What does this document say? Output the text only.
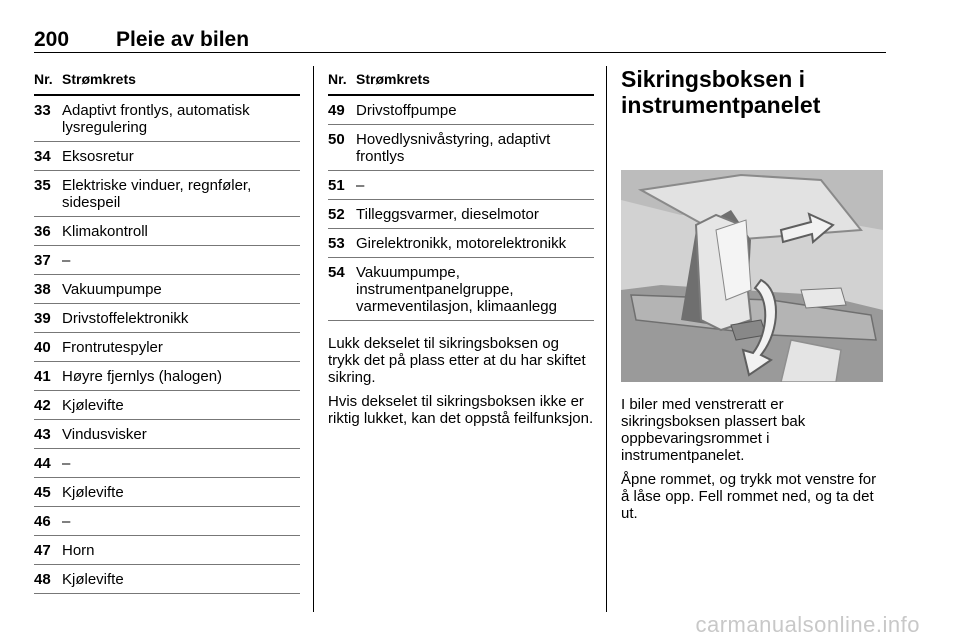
200 Pleie av bilen
Nr. Strømkrets
33 Adaptivt frontlys, automatisk lysregulering
34 Eksosretur
35 Elektriske vinduer, regnføler, sidespeil
36 Klimakontroll
37 –
38 Vakuumpumpe
39 Drivstoffelektronikk
40 Frontrutespyler
41 Høyre fjernlys (halogen)
42 Kjølevifte
43 Vindusvisker
44 –
45 Kjølevifte
46 –
47 Horn
48 Kjølevifte
Nr. Strømkrets
49 Drivstoffpumpe
50 Hovedlysnivåstyring, adaptivt frontlys
51 –
52 Tilleggsvarmer, dieselmotor
53 Girelektronikk, motorelektronikk
54 Vakuumpumpe, instrumentpanelgruppe, varmeventilasjon, klimaanlegg

Lukk dekselet til sikringsboksen og trykk det på plass etter at du har skiftet sikring.

Hvis dekselet til sikringsboksen ikke er riktig lukket, kan det oppstå feilfunksjon.

Sikringsboksen i instrumentpanelet

I biler med venstreratt er sikringsboksen plassert bak oppbevaringsrommet i instrumentpanelet.

Åpne rommet, og trykk mot venstre for å låse opp. Fell rommet ned, og ta det ut.

carmanualsonline.info
